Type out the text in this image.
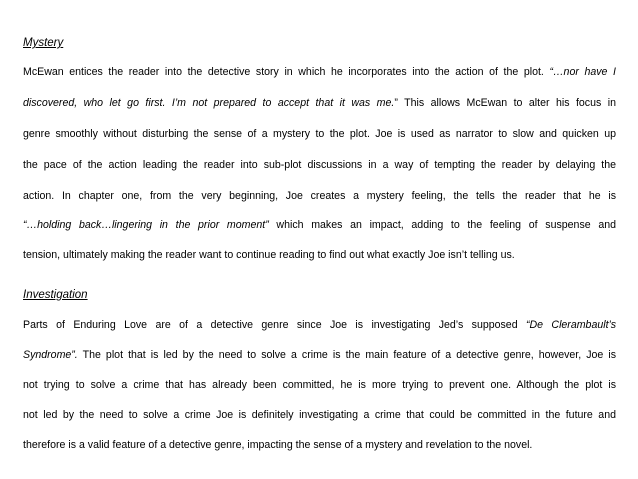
Mystery
McEwan entices the reader into the detective story in which he incorporates into the action of the plot. “…nor have I
discovered, who let go first. I’m not prepared to accept that it was me.” This allows McEwan to alter his focus in
genre smoothly without disturbing the sense of a mystery to the plot. Joe is used as narrator to slow and quicken up
the pace of the action leading the reader into sub-plot discussions in a way of tempting the reader by delaying the
action. In chapter one, from the very beginning, Joe creates a mystery feeling, the tells the reader that he is
“…holding back…lingering in the prior moment” which makes an impact, adding to the feeling of suspense and
tension, ultimately making the reader want to continue reading to find out what exactly Joe isn’t telling us.
Investigation
Parts of Enduring Love are of a detective genre since Joe is investigating Jed’s supposed “De Clerambault’s
Syndrome”. The plot that is led by the need to solve a crime is the main feature of a detective genre, however, Joe is
not trying to solve a crime that has already been committed, he is more trying to prevent one. Although the plot is
not led by the need to solve a crime Joe is definitely investigating a crime that could be committed in the future and
therefore is a valid feature of a detective genre, impacting the sense of a mystery and revelation to the novel.
